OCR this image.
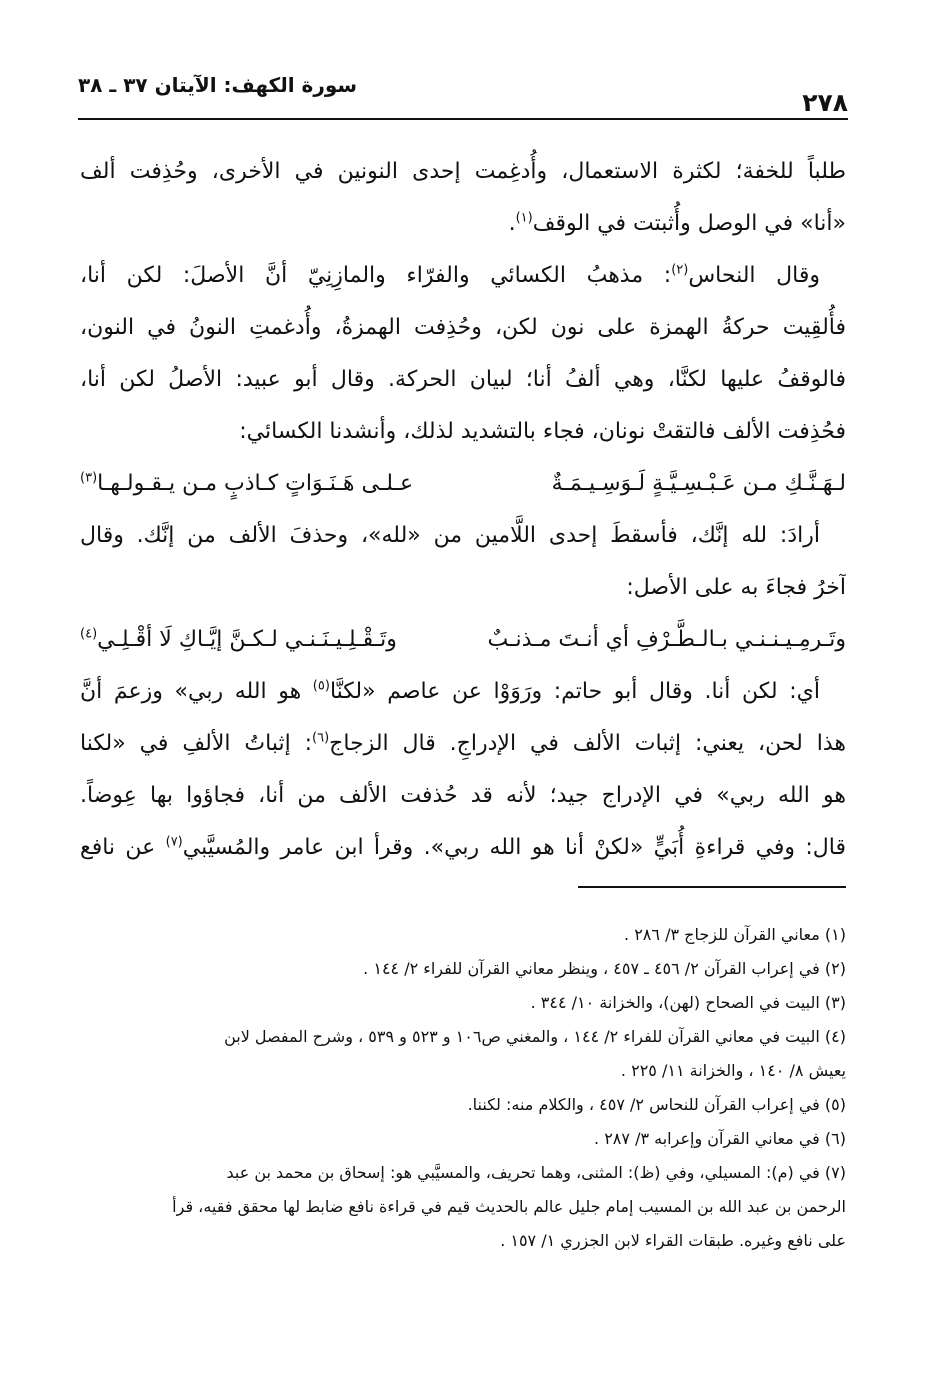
٢٧٨
سورة الكهف: الآيتان ٣٧ ـ ٣٨
طلباً للخفة؛ لكثرة الاستعمال، وأُدغِمت إحدى النونين في الأخرى، وحُذِفت ألف
«أنا» في الوصل وأُثبتت في الوقف$^{(١)}$.
وقال النحاس$^{(٢)}$: مذهبُ الكسائي والفرّاء والمازِنِيّ أنَّ الأصلَ: لكن أنا،
فأُلقِيت حركةُ الهمزة على نون لكن، وحُذِفت الهمزةُ، وأُدغمتِ النونُ في النون،
فالوقفُ عليها لكنَّا، وهي ألفُ أنا؛ لبيان الحركة. وقال أبو عبيد: الأصلُ لكن أنا،
فحُذِفت الألف فالتقتْ نونان، فجاء بالتشديد لذلك، وأنشدنا الكسائي:
لـهَـنَّـكِ مـن عَـبْـسِـيَّـةٍ لَـوَسِـيـمَـةٌ
عـلـى هَـنَـوَاتٍ كـاذبٍ مـن يـقـولـهـا$^{(٣)}$
أرادَ: لله إنَّك، فأسقطَ إحدى اللَّامين من «لله»، وحذفَ الألف من إنَّك. وقال
آخرُ فجاءَ به على الأصل:
وتَـرمِـيـنـنـي بـالـطَّـرْفِ أي أنـتَ مـذنـبٌ
وتَـقْـلِـيـنَـنـي لـكـنَّ إيَّـاكِ لَا أقْـلِـي$^{(٤)}$
أي: لكن أنا. وقال أبو حاتم: ورَوَوْا عن عاصم «لكنَّا$^{(٥)}$ هو الله ربي» وزعمَ أنَّ
هذا لحن، يعني: إثبات الألف في الإدراجِ. قال الزجاج$^{(٦)}$: إثباتُ الألفِ في «لكنا
هو الله ربي» في الإدراج جيد؛ لأنه قد حُذفت الألف من أنا، فجاؤوا بها عِوضاً.
قال: وفي قراءةِ أُبَيٍّ «لكنْ أنا هو الله ربي». وقرأ ابن عامر والمُسيَّبي$^{(٧)}$ عن نافع
(١) معاني القرآن للزجاج ٣/ ٢٨٦ .
(٢) في إعراب القرآن ٢/ ٤٥٦ ـ ٤٥٧ ، وينظر معاني القرآن للفراء ٢/ ١٤٤ .
(٣) البيت في الصحاح (لهن)، والخزانة ١٠/ ٣٤٤ .
(٤) البيت في معاني القرآن للفراء ٢/ ١٤٤ ، والمغني ص١٠٦ و ٥٢٣ و ٥٣٩ ، وشرح المفصل لابن
يعيش ٨/ ١٤٠ ، والخزانة ١١/ ٢٢٥ .
(٥) في إعراب القرآن للنحاس ٢/ ٤٥٧ ، والكلام منه: لكننا.
(٦) في معاني القرآن وإعرابه ٣/ ٢٨٧ .
(٧) في (م): المسيلي، وفي (ظ): المثنى، وهما تحريف، والمسيَّبي هو: إسحاق بن محمد بن عبد
الرحمن بن عبد الله بن المسيب إمام جليل عالم بالحديث قيم في قراءة نافع ضابط لها محقق فقيه، قرأ
على نافع وغيره. طبقات القراء لابن الجزري ١/ ١٥٧ .
